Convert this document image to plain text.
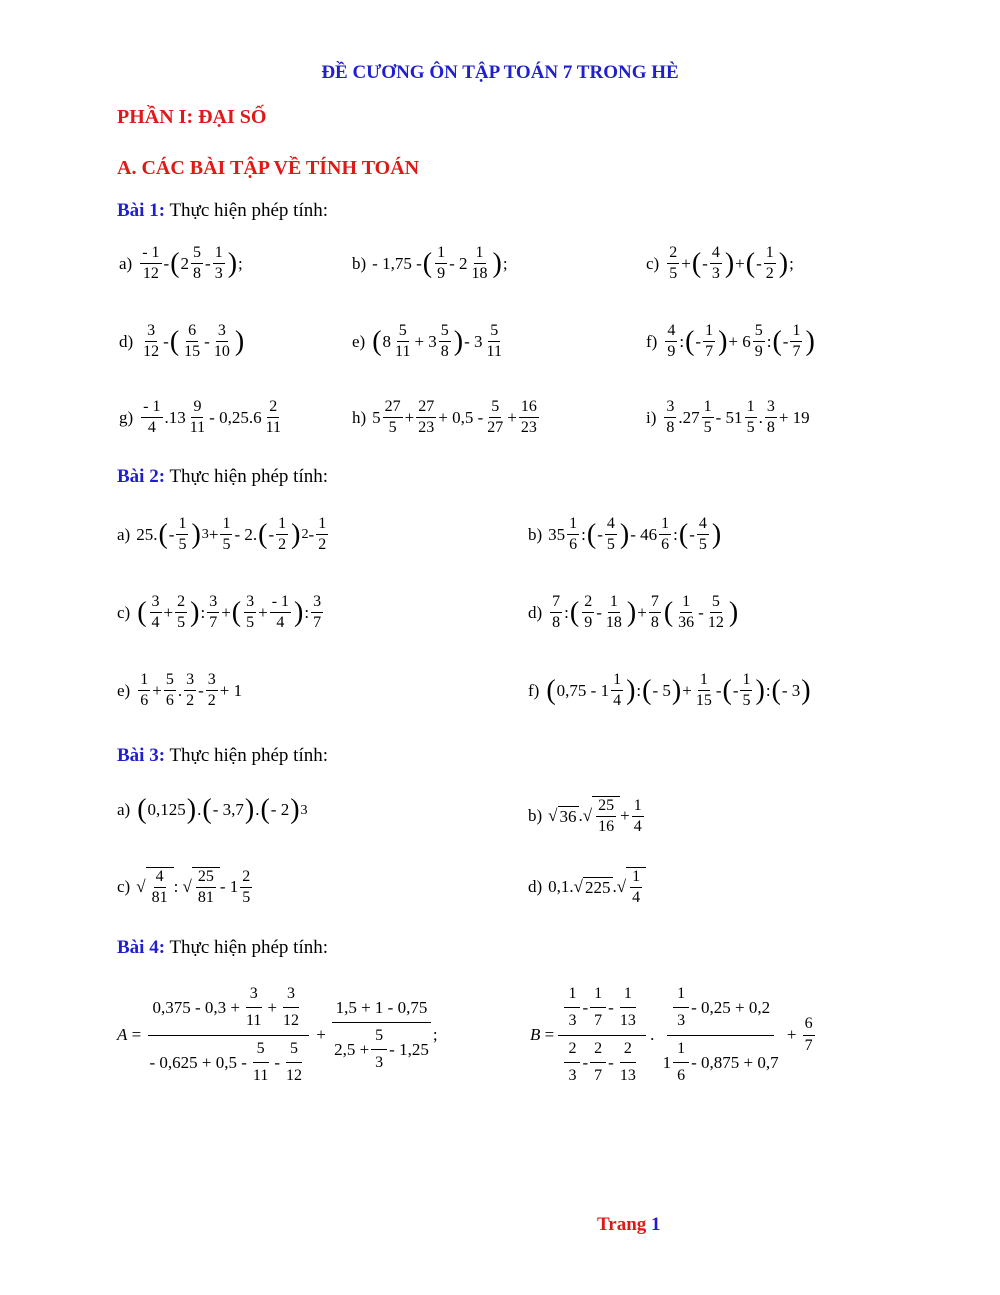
ĐỀ CƯƠNG ÔN TẬP TOÁN 7 TRONG HÈ
PHẦN I: ĐẠI SỐ
A. CÁC BÀI TẬP VỀ TÍNH TOÁN
Bài 1: Thực hiện phép tính:
$a) \frac{- 1}{12}$ - ( $2 \frac{5}{8} - \frac{1}{3}$ ) ;	b) - 1,75 - ( $\frac{1}{9} - 2 \frac{1}{18}$ ) ;	$c) \frac{2}{5}$ + ( - $\frac{4}{3}$ ) + ( - $\frac{1}{2}$ ) ;
$d) \frac{3}{12}$ - ( $\frac{6}{15} - \frac{3}{10}$ )	e) ( $8 \frac{5}{11} + 3 \frac{5}{8}$ ) - $3 \frac{5}{11}$	$f) \frac{4}{9}$ : ( - $\frac{1}{7}$ ) + $6 \frac{5}{9}$ : ( - $\frac{1}{7}$ )
$g) \frac{- 1}{4} .13 \frac{9}{11} - 0,25.6 \frac{2}{11}$	h) $5 \frac{27}{5} + \frac{27}{23} + 0,5 - \frac{5}{27} + \frac{16}{23}$	$i) \frac{3}{8} .27 \frac{1}{5} - 51 \frac{1}{5}$ . $\frac{3}{8} + 19$
Bài 2: Thực hiện phép tính:
a) 25. ( - $\frac{1}{5}$ ) $3 + \frac{1}{5} - 2$. ( - $\frac{1}{2}$ ) $2 - \frac{1}{2}$	b) $35 \frac{1}{6}$ : ( - $\frac{4}{5}$ ) - $46 \frac{1}{6}$ : ( - $\frac{4}{5}$ )
c) ( $\frac{3}{4} + \frac{2}{5}$ ) : $\frac{3}{7}$ + ( $\frac{3}{5} + \frac{- 1}{4}$ ) : $\frac{3}{7}$	$d) \frac{7}{8}$ : ( $\frac{2}{9} - \frac{1}{18}$ ) + $\frac{7}{8}$ ( $\frac{1}{36} - \frac{5}{12}$ )
$e) \frac{1}{6} + \frac{5}{6}$ . $\frac{3}{2} - \frac{3}{2} + 1$	f) ( $0,75 - 1 \frac{1}{4}$ ) : ( - 5 ) + $\frac{1}{15}$ - ( - $\frac{1}{5}$ ) : ( - 3 )
Bài 3: Thực hiện phép tính:
a) ( 0,125 ) . ( - 3,7 ) . ( - 2 ) 3	b) √ 36 .√ $\frac{25}{16} + \frac{1}{4}$
c) √ $\frac{4}{81}$ : √ $\frac{25}{81} - 1 \frac{2}{5}$	d) 0,1.√ 225 .√ $\frac{1}{4}$
Bài 4: Thực hiện phép tính:
A =
$0,375 - 0,3 + \frac{3}{11} + \frac{3}{12}$
- $0,625 + 0,5 - \frac{5}{11} - \frac{5}{12}$
+
1,5 + 1 - 0,75
$2,5 + \frac{5}{3} - 1,25$
;	B =
$\frac{1}{3} - \frac{1}{7} - \frac{1}{13}$
$\frac{2}{3} - \frac{2}{7} - \frac{2}{13}$
.
$\frac{1}{3} - 0,25 + 0,2$
$1 \frac{1}{6} - 0,875 + 0,7$
+ $\frac{6}{7}$
Trang 1
